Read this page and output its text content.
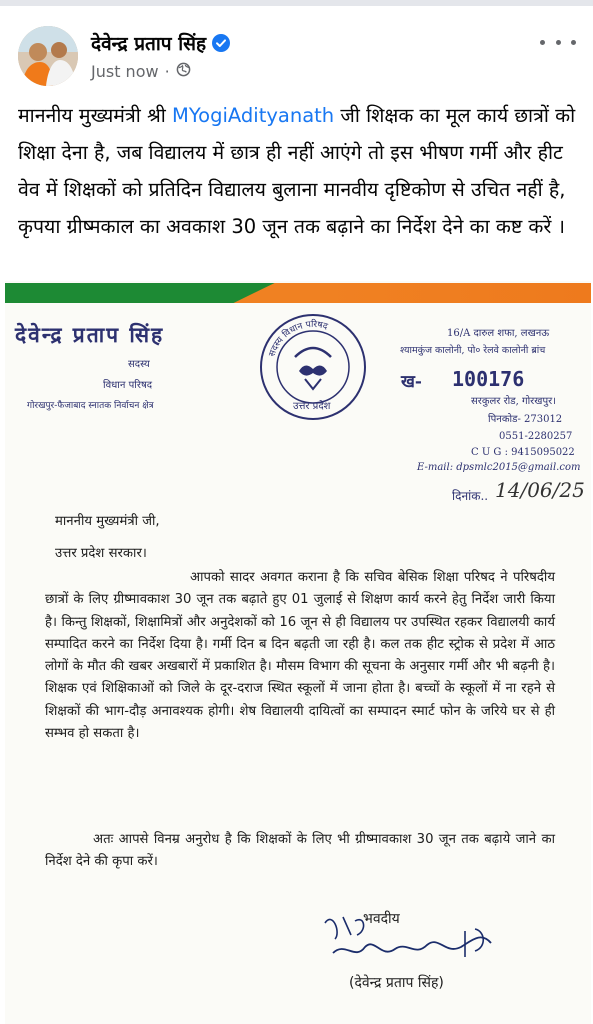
देवेन्द्र प्रताप सिंह
Just now ·
माननीय मुख्यमंत्री श्री MYogiAdityanath जी शिक्षक का मूल कार्य छात्रों को शिक्षा देना है, जब विद्यालय में छात्र ही नहीं आएंगे तो इस भीषण गर्मी और हीट वेव में शिक्षकों को प्रतिदिन विद्यालय बुलाना मानवीय दृष्टिकोण से उचित नहीं है, कृपया ग्रीष्मकाल का अवकाश 30 जून तक बढ़ाने का निर्देश देने का कष्ट करें ।
देवेन्द्र प्रताप सिंह
सदस्य
विधान परिषद
गोरखपुर-फैजाबाद स्नातक निर्वाचन क्षेत्र
सदस्य विधान परिषद
उत्तर प्रदेश
16/A दारुल शफा, लखनऊ
श्यामकुंज कालोनी, पो० रेलवे कालोनी ब्रांच
ख- 100176
सरकुलर रोड, गोरखपुर।
पिनकोड- 273012
0551-2280257
C U G : 9415095022
E-mail: dpsmlc2015@gmail.com
दिनांक.. 14/06/25
माननीय मुख्यमंत्री जी,
उत्तर प्रदेश सरकार।
आपको सादर अवगत कराना है कि सचिव बेसिक शिक्षा परिषद ने परिषदीय छात्रों के लिए ग्रीष्मावकाश 30 जून तक बढ़ाते हुए 01 जुलाई से शिक्षण कार्य करने हेतु निर्देश जारी किया है। किन्तु शिक्षकों, शिक्षामित्रों और अनुदेशकों को 16 जून से ही विद्यालय पर उपस्थित रहकर विद्यालयी कार्य सम्पादित करने का निर्देश दिया है। गर्मी दिन ब दिन बढ़ती जा रही है। कल तक हीट स्ट्रोक से प्रदेश में आठ लोगों के मौत की खबर अखबारों में प्रकाशित है। मौसम विभाग की सूचना के अनुसार गर्मी और भी बढ़नी है। शिक्षक एवं शिक्षिकाओं को जिले के दूर-दराज स्थित स्कूलों में जाना होता है। बच्चों के स्कूलों में ना रहने से शिक्षकों की भाग-दौड़ अनावश्यक होगी। शेष विद्यालयी दायित्वों का सम्पादन स्मार्ट फोन के जरिये घर से ही सम्भव हो सकता है।
अतः आपसे विनम्र अनुरोध है कि शिक्षकों के लिए भी ग्रीष्मावकाश 30 जून तक बढ़ाये जाने का निर्देश देने की कृपा करें।
भवदीय
(देवेन्द्र प्रताप सिंह)
